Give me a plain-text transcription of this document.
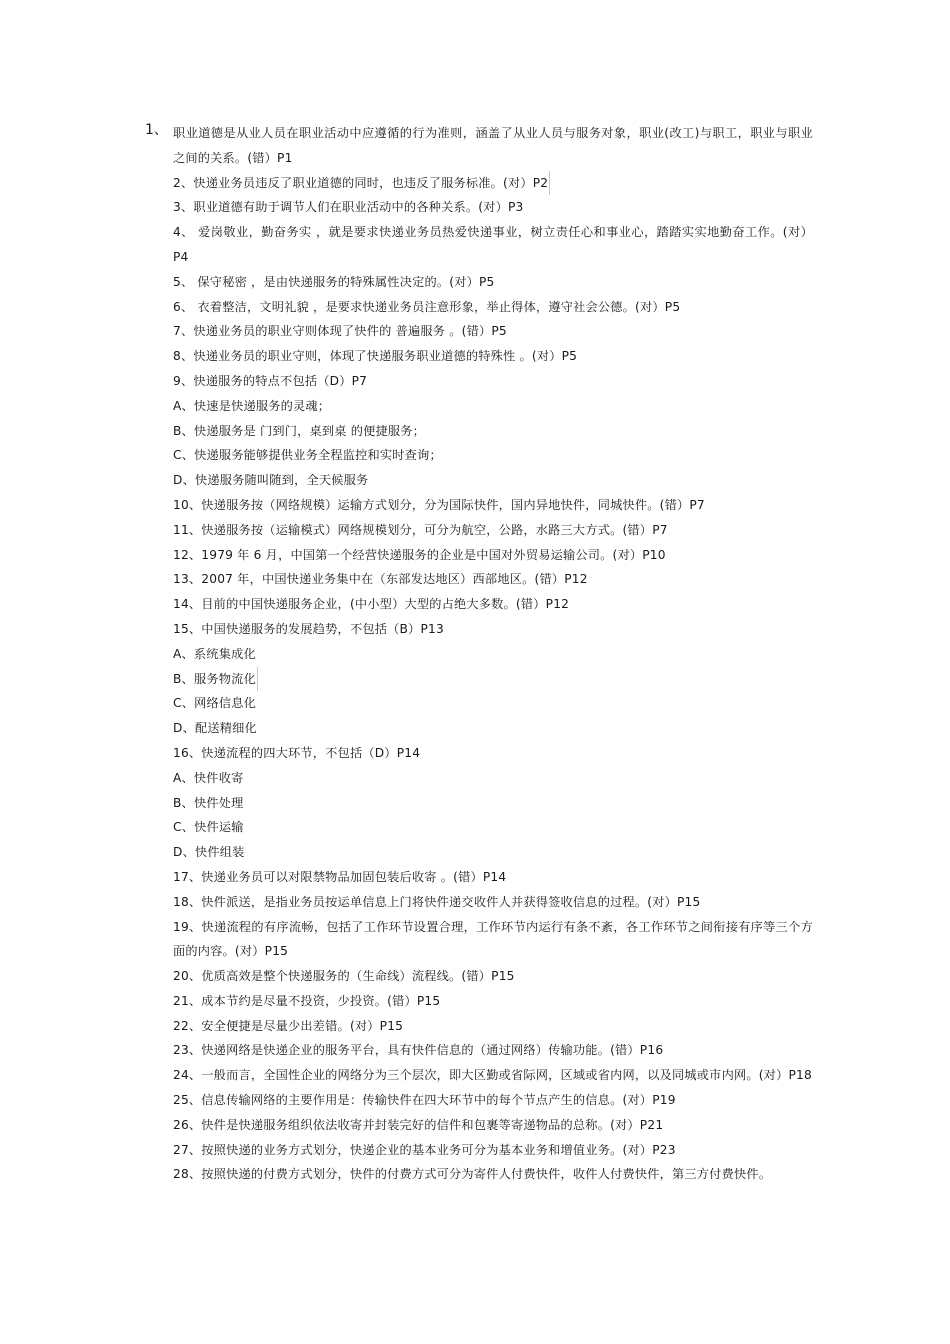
1、 职业道德是从业人员在职业活动中应遵循的行为准则，涵盖了从业人员与服务对象，职业(改工)与职工，职业与职业之间的关系。(错）P1
2、快递业务员违反了职业道德的同时，也违反了服务标准。(对）P2
3、职业道德有助于调节人们在职业活动中的各种关系。(对）P3
4、 爱岗敬业，勤奋务实 ，就是要求快递业务员热爱快递事业，树立责任心和事业心，踏踏实实地勤奋工作。(对）P4
5、 保守秘密 ，是由快递服务的特殊属性决定的。(对）P5
6、 衣着整洁，文明礼貌 ，是要求快递业务员注意形象，举止得体，遵守社会公德。(对）P5
7、快递业务员的职业守则体现了快件的 普遍服务 。(错）P5
8、快递业务员的职业守则，体现了快递服务职业道德的特殊性 。(对）P5
9、快递服务的特点不包括（D）P7
A、快速是快递服务的灵魂；
B、快递服务是 门到门，桌到桌 的便捷服务；
C、快递服务能够提供业务全程监控和实时查询；
D、快递服务随叫随到，全天候服务
10、快递服务按（网络规模）运输方式划分，分为国际快件，国内异地快件，同城快件。(错）P7
11、快递服务按（运输模式）网络规模划分，可分为航空，公路，水路三大方式。(错）P7
12、1979 年 6 月，中国第一个经营快递服务的企业是中国对外贸易运输公司。(对）P10
13、2007 年，中国快递业务集中在（东部发达地区）西部地区。(错）P12
14、目前的中国快递服务企业，(中小型）大型的占绝大多数。(错）P12
15、中国快递服务的发展趋势，不包括（B）P13
A、系统集成化
B、服务物流化
C、网络信息化
D、配送精细化
16、快递流程的四大环节，不包括（D）P14
A、快件收寄
B、快件处理
C、快件运输
D、快件组装
17、快递业务员可以对限禁物品加固包装后收寄 。(错）P14
18、快件派送，是指业务员按运单信息上门将快件递交收件人并获得签收信息的过程。(对）P15
19、快递流程的有序流畅，包括了工作环节设置合理，工作环节内运行有条不紊，各工作环节之间衔接有序等三个方面的内容。(对）P15
20、优质高效是整个快递服务的（生命线）流程线。(错）P15
21、成本节约是尽量不投资，少投资。(错）P15
22、安全便捷是尽量少出差错。(对）P15
23、快递网络是快递企业的服务平台，具有快件信息的（通过网络）传输功能。(错）P16
24、一般而言，全国性企业的网络分为三个层次，即大区勤或省际网，区域或省内网，以及同城或市内网。(对）P18
25、信息传输网络的主要作用是：传输快件在四大环节中的每个节点产生的信息。(对）P19
26、快件是快递服务组织依法收寄并封装完好的信件和包裹等寄递物品的总称。(对）P21
27、按照快递的业务方式划分，快递企业的基本业务可分为基本业务和增值业务。(对）P23
28、按照快递的付费方式划分，快件的付费方式可分为寄件人付费快件，收件人付费快件，第三方付费快件。
